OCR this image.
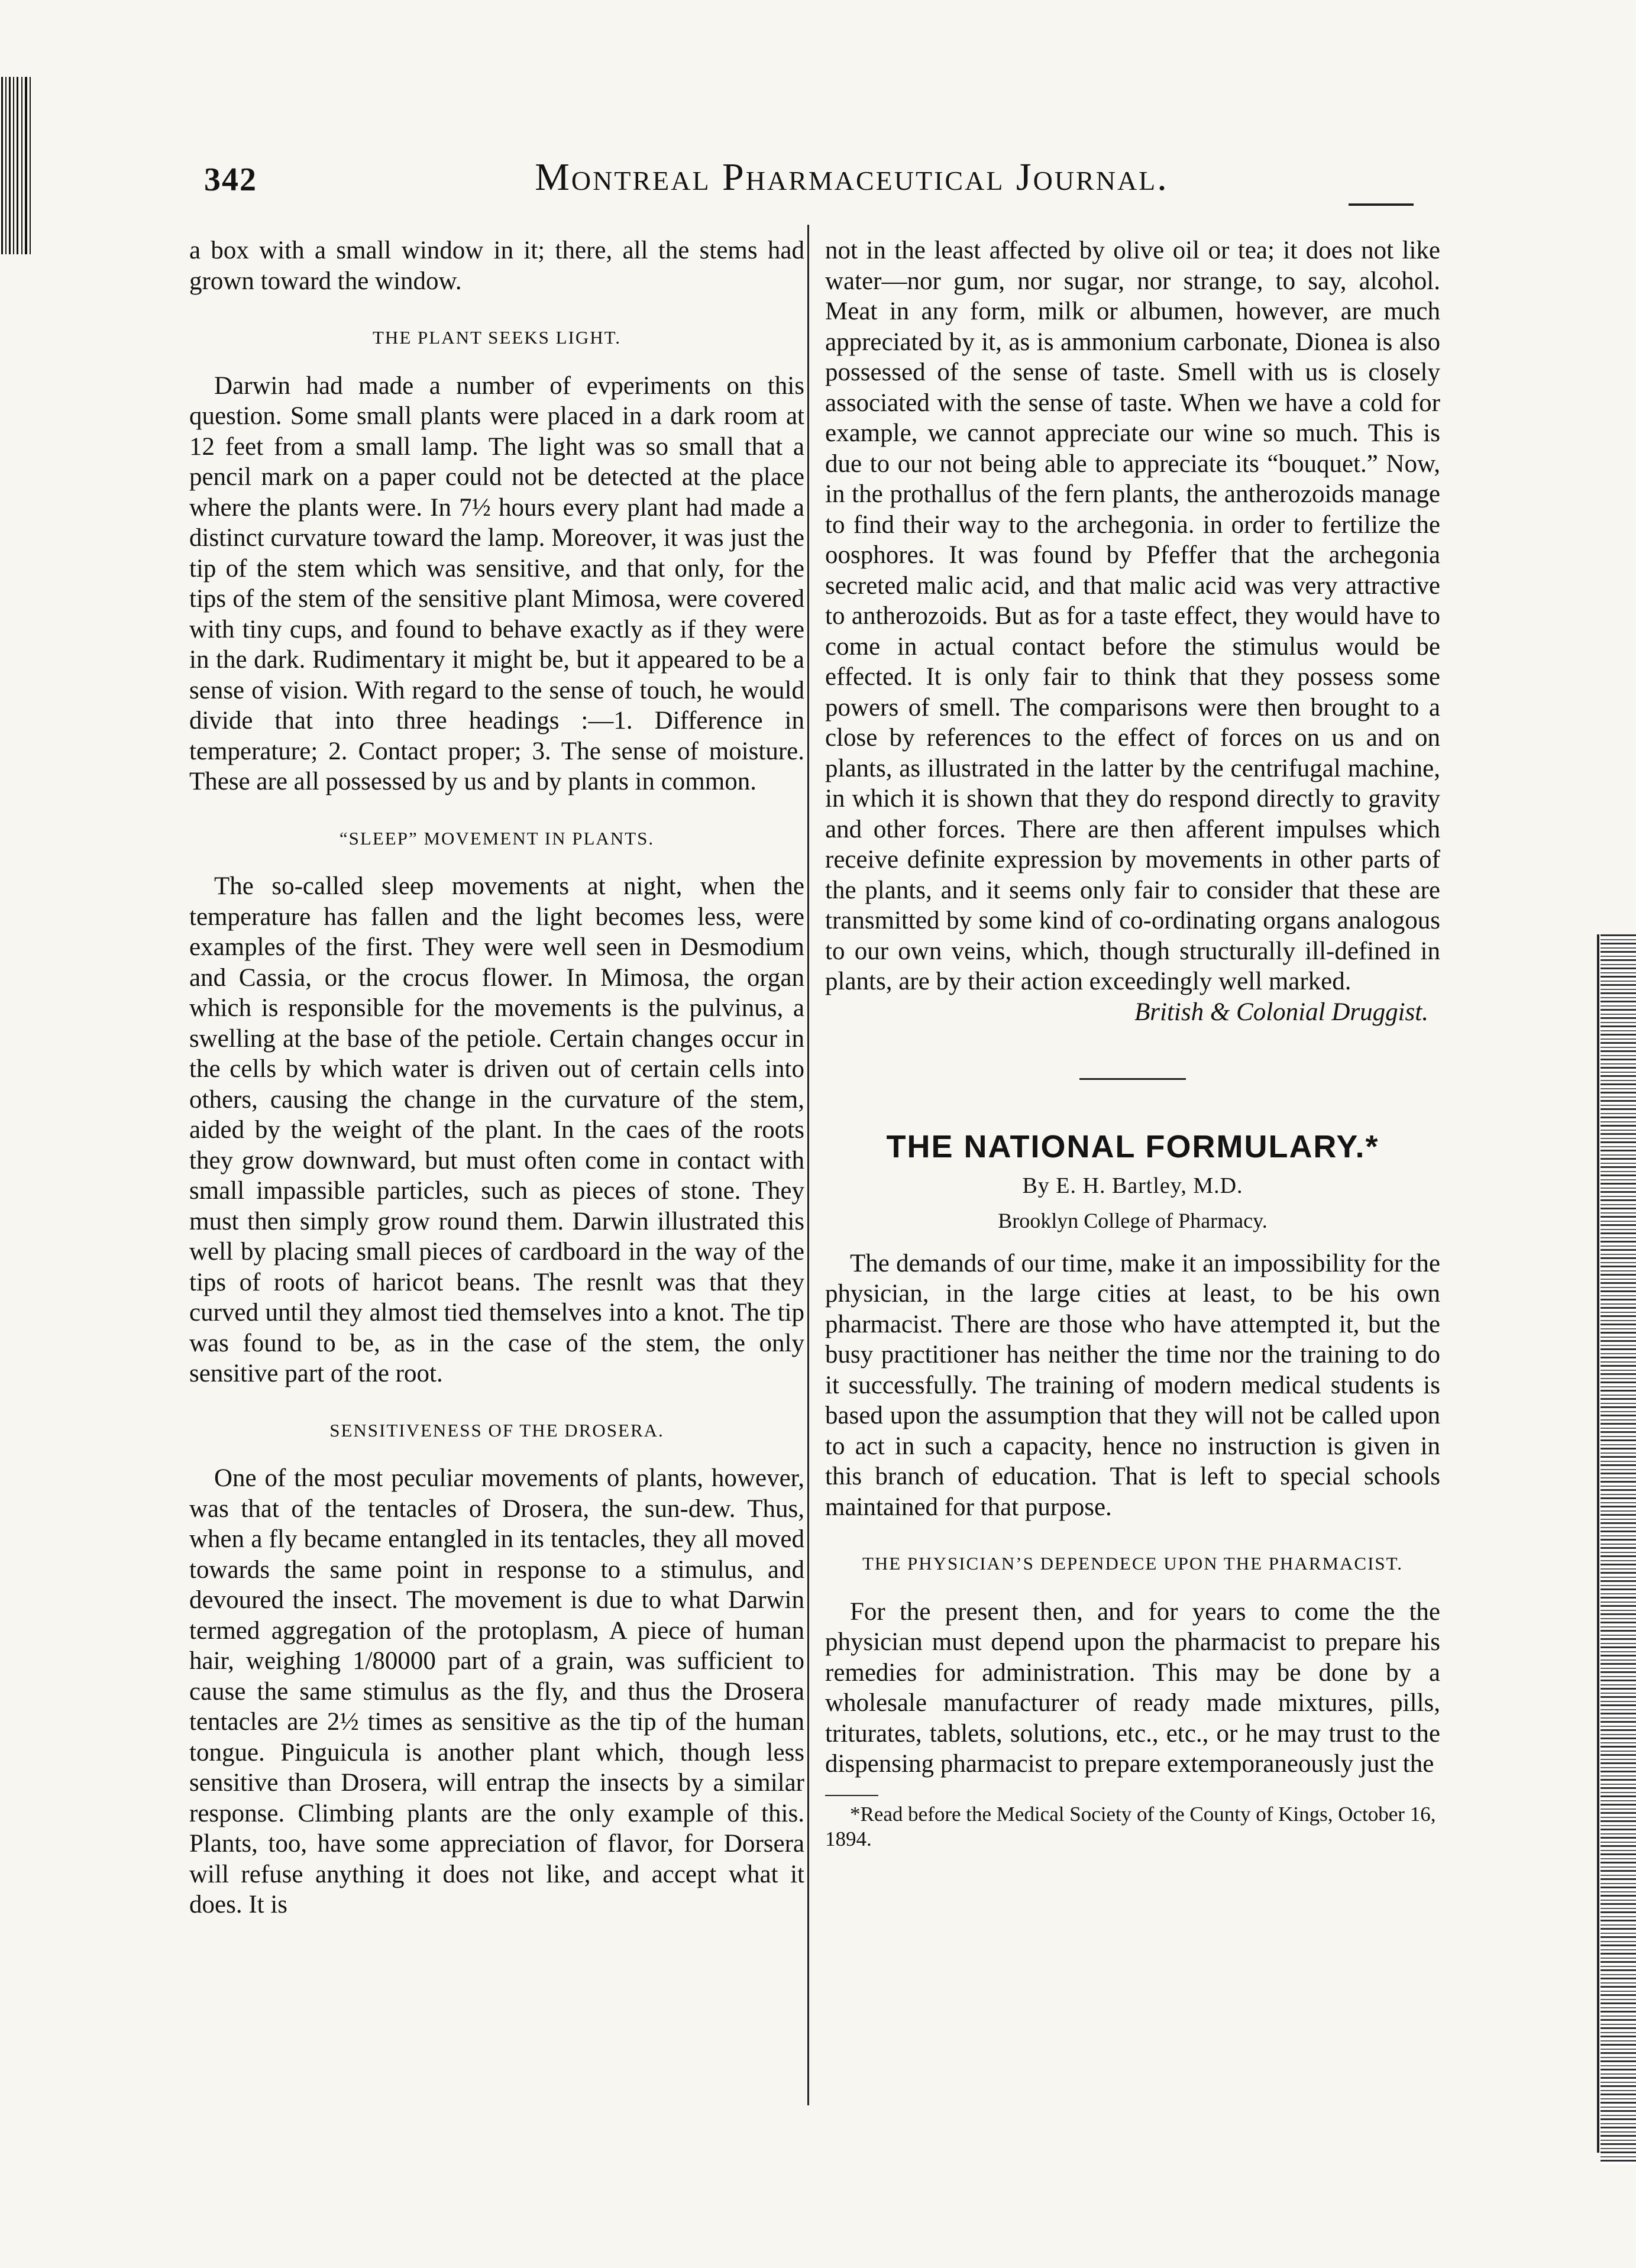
342	Montreal Pharmaceutical Journal.

a box with a small window in it; there, all the stems had grown toward the window.

THE PLANT SEEKS LIGHT.

Darwin had made a number of evperiments on this question. Some small plants were placed in a dark room at 12 feet from a small lamp. The light was so small that a pencil mark on a paper could not be detected at the place where the plants were. In 7½ hours every plant had made a distinct curvature toward the lamp. Moreover, it was just the tip of the stem which was sensitive, and that only, for the tips of the stem of the sensitive plant Mimosa, were covered with tiny cups, and found to behave exactly as if they were in the dark. Rudimentary it might be, but it appeared to be a sense of vision. With regard to the sense of touch, he would divide that into three headings :—1. Difference in temperature; 2. Contact proper; 3. The sense of moisture. These are all possessed by us and by plants in common.

“SLEEP” MOVEMENT IN PLANTS.

The so-called sleep movements at night, when the temperature has fallen and the light becomes less, were examples of the first. They were well seen in Desmodium and Cassia, or the crocus flower. In Mimosa, the organ which is responsible for the movements is the pulvinus, a swelling at the base of the petiole. Certain changes occur in the cells by which water is driven out of certain cells into others, causing the change in the curvature of the stem, aided by the weight of the plant. In the caes of the roots they grow downward, but must often come in contact with small impassible particles, such as pieces of stone. They must then simply grow round them. Darwin illustrated this well by placing small pieces of cardboard in the way of the tips of roots of haricot beans. The resnlt was that they curved until they almost tied themselves into a knot. The tip was found to be, as in the case of the stem, the only sensitive part of the root.

SENSITIVENESS OF THE DROSERA.

One of the most peculiar movements of plants, however, was that of the tentacles of Drosera, the sun-dew. Thus, when a fly became entangled in its tentacles, they all moved towards the same point in response to a stimulus, and devoured the insect. The movement is due to what Darwin termed aggregation of the protoplasm, A piece of human hair, weighing 1/80000 part of a grain, was sufficient to cause the same stimulus as the fly, and thus the Drosera tentacles are 2½ times as sensitive as the tip of the human tongue. Pinguicula is another plant which, though less sensitive than Drosera, will entrap the insects by a similar response. Climbing plants are the only example of this. Plants, too, have some appreciation of flavor, for Dorsera will refuse anything it does not like, and accept what it does. It is

not in the least affected by olive oil or tea; it does not like water—nor gum, nor sugar, nor strange, to say, alcohol. Meat in any form, milk or albumen, however, are much appreciated by it, as is ammonium carbonate, Dionea is also possessed of the sense of taste. Smell with us is closely associated with the sense of taste. When we have a cold for example, we cannot appreciate our wine so much. This is due to our not being able to appreciate its “bouquet.” Now, in the prothallus of the fern plants, the antherozoids manage to find their way to the archegonia. in order to fertilize the oosphores. It was found by Pfeffer that the archegonia secreted malic acid, and that malic acid was very attractive to antherozoids. But as for a taste effect, they would have to come in actual contact before the stimulus would be effected. It is only fair to think that they possess some powers of smell. The comparisons were then brought to a close by references to the effect of forces on us and on plants, as illustrated in the latter by the centrifugal machine, in which it is shown that they do respond directly to gravity and other forces. There are then afferent impulses which receive definite expression by movements in other parts of the plants, and it seems only fair to consider that these are transmitted by some kind of co-ordinating organs analogous to our own veins, which, though structurally ill-defined in plants, are by their action exceedingly well marked.

British & Colonial Druggist.

THE NATIONAL FORMULARY.*
By E. H. Bartley, M.D.
Brooklyn College of Pharmacy.

The demands of our time, make it an impossibility for the physician, in the large cities at least, to be his own pharmacist. There are those who have attempted it, but the busy practitioner has neither the time nor the training to do it successfully. The training of modern medical students is based upon the assumption that they will not be called upon to act in such a capacity, hence no instruction is given in this branch of education. That is left to special schools maintained for that purpose.

THE PHYSICIAN’S DEPENDECE UPON THE PHARMACIST.

For the present then, and for years to come the the physician must depend upon the pharmacist to prepare his remedies for administration. This may be done by a wholesale manufacturer of ready made mixtures, pills, triturates, tablets, solutions, etc., etc., or he may trust to the dispensing pharmacist to prepare extemporaneously just the

*Read before the Medical Society of the County of Kings, October 16, 1894.
